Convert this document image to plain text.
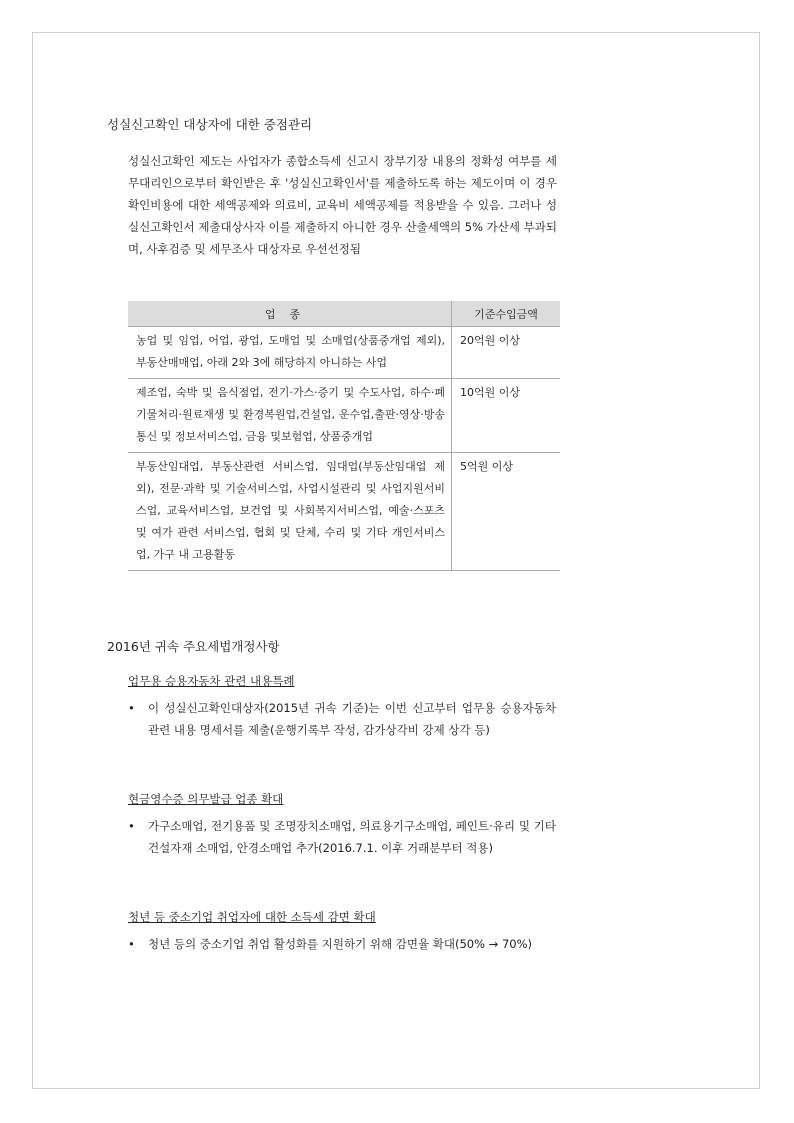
성실신고확인 대상자에 대한 중점관리
성실신고확인 제도는 사업자가 종합소득세 신고시 장부기장 내용의 정확성 여부를 세무대리인으로부터 확인받은 후 '성실신고확인서'를 제출하도록 하는 제도이며 이 경우 확인비용에 대한 세액공제와 의료비, 교육비 세액공제를 적용받을 수 있음. 그러나 성실신고확인서 제출대상사자 이를 제출하지 아니한 경우 산출세액의 5% 가산세 부과되며, 사후검증 및 세무조사 대상자로 우선선정됨
업종	기준수입금액
농업 및 임업, 어업, 광업, 도매업 및 소매업(상품중개업 제외), 부동산매매업, 아래 2와 3에 해당하지 아니하는 사업	20억원 이상
제조업, 숙박 및 음식점업, 전기·가스·증기 및 수도사업, 하수·폐기물처리·원료재생 및 환경복원업,건설업, 운수업,출판·영상·방송통신 및 정보서비스업, 금융 및보험업, 상품중개업	10억원 이상
부동산임대업, 부동산관련 서비스업, 임대업(부동산임대업 제외), 전문·과학 및 기술서비스업, 사업시설관리 및 사업지원서비스업, 교육서비스업, 보건업 및 사회복지서비스업, 예술·스포츠 및 여가 관련 서비스업, 협회 및 단체, 수리 및 기타 개인서비스업, 가구 내 고용활동	5억원 이상
2016년 귀속 주요세법개정사항
업무용 승용자동차 관련 내용특례
•	이 성실신고확인대상자(2015년 귀속 기준)는 이번 신고부터 업무용 승용자동차 관련 내용 명세서를 제출(운행기록부 작성, 감가상각비 강제 상각 등)
현금영수증 의무발급 업종 확대
•	가구소매업, 전기용품 및 조명장치소매업, 의료용기구소매업, 페인트·유리 및 기타 건설자재 소매업, 안경소매업 추가(2016.7.1. 이후 거래분부터 적용)
청년 등 중소기업 취업자에 대한 소득세 감면 확대
•	청년 등의 중소기업 취업 활성화를 지원하기 위해 감면율 확대(50% → 70%)
